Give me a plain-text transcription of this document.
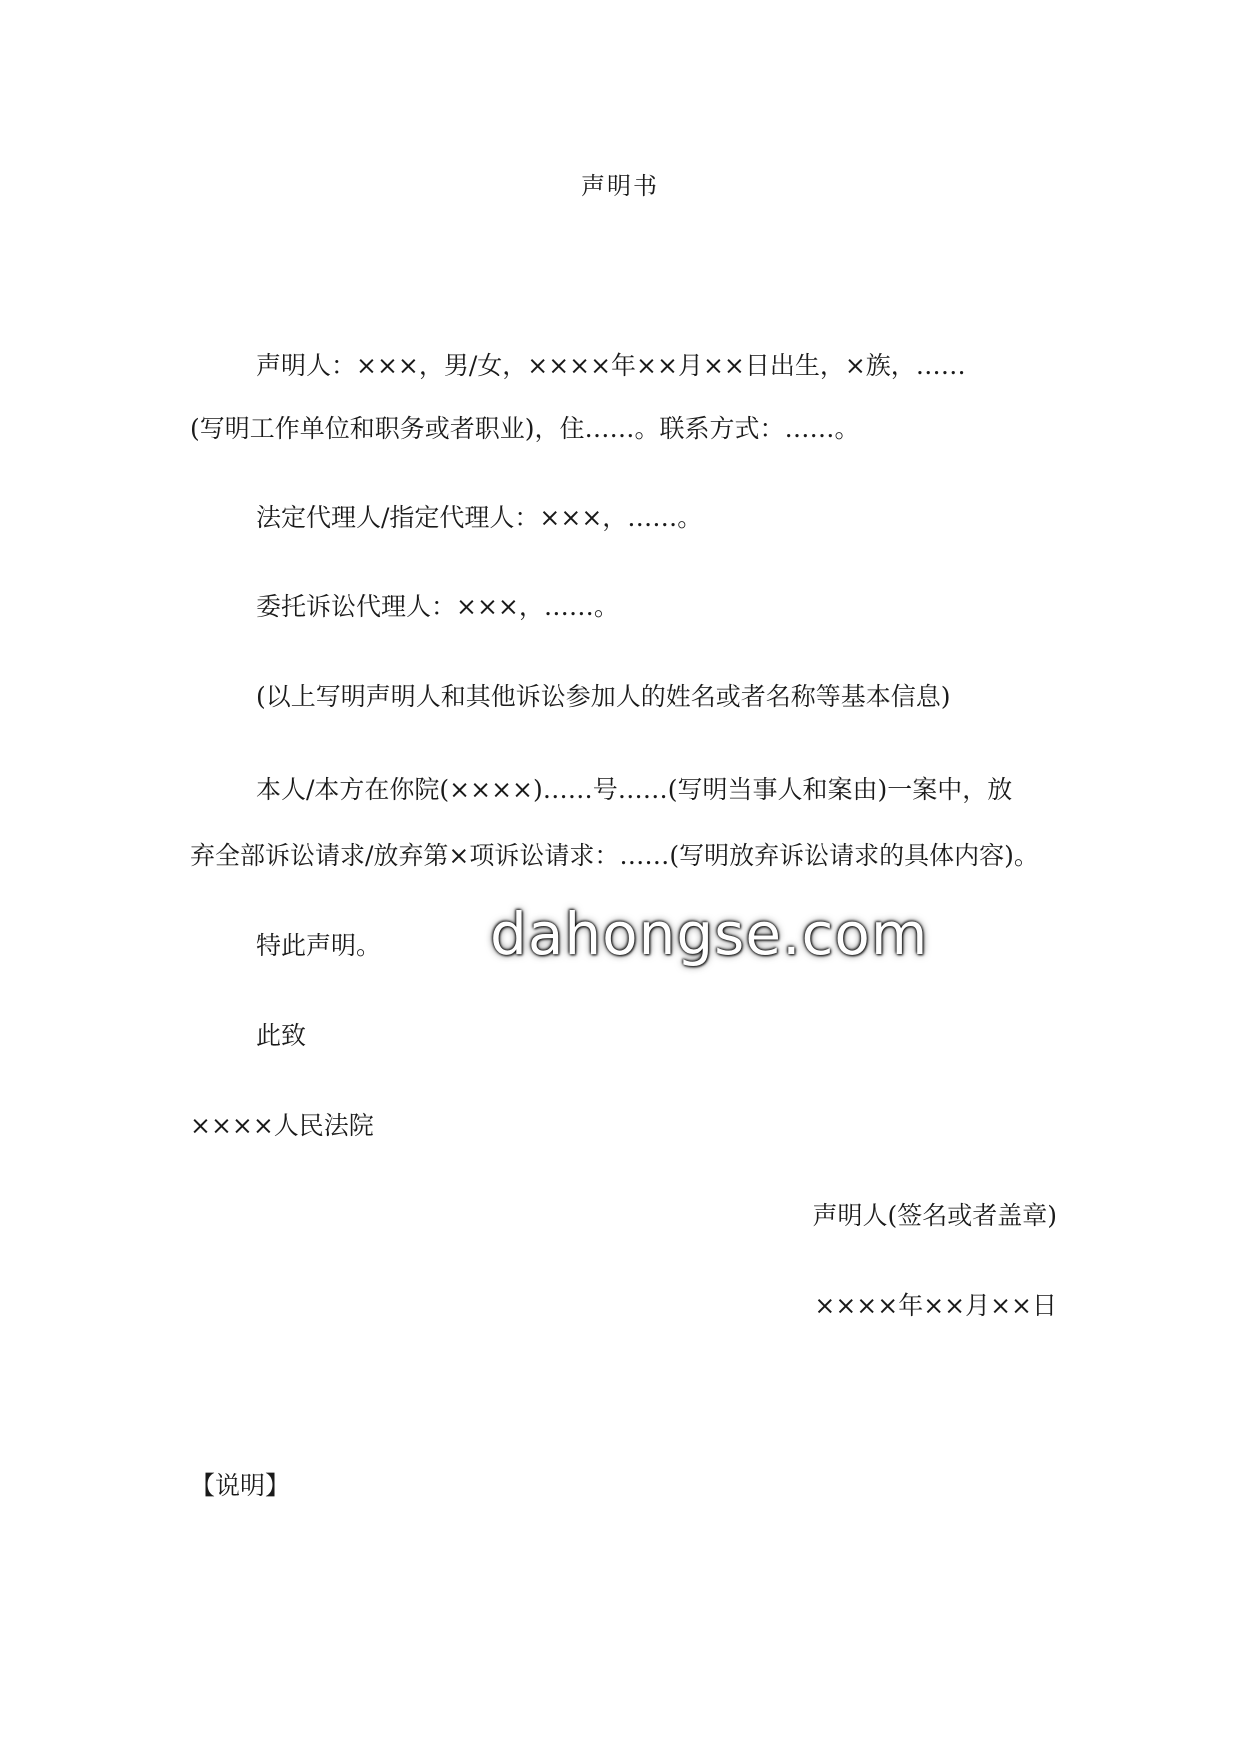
声明书
声明人：×××，男/女，××××年××月××日出生，×族，……
(写明工作单位和职务或者职业)，住……。联系方式：……。
法定代理人/指定代理人：×××，……。
委托诉讼代理人：×××，……。
(以上写明声明人和其他诉讼参加人的姓名或者名称等基本信息)
本人/本方在你院(××××)……号……(写明当事人和案由)一案中，放
弃全部诉讼请求/放弃第×项诉讼请求：……(写明放弃诉讼请求的具体内容)。
特此声明。
此致
××××人民法院
声明人(签名或者盖章)
××××年××月××日
【说明】
dahongse.com
